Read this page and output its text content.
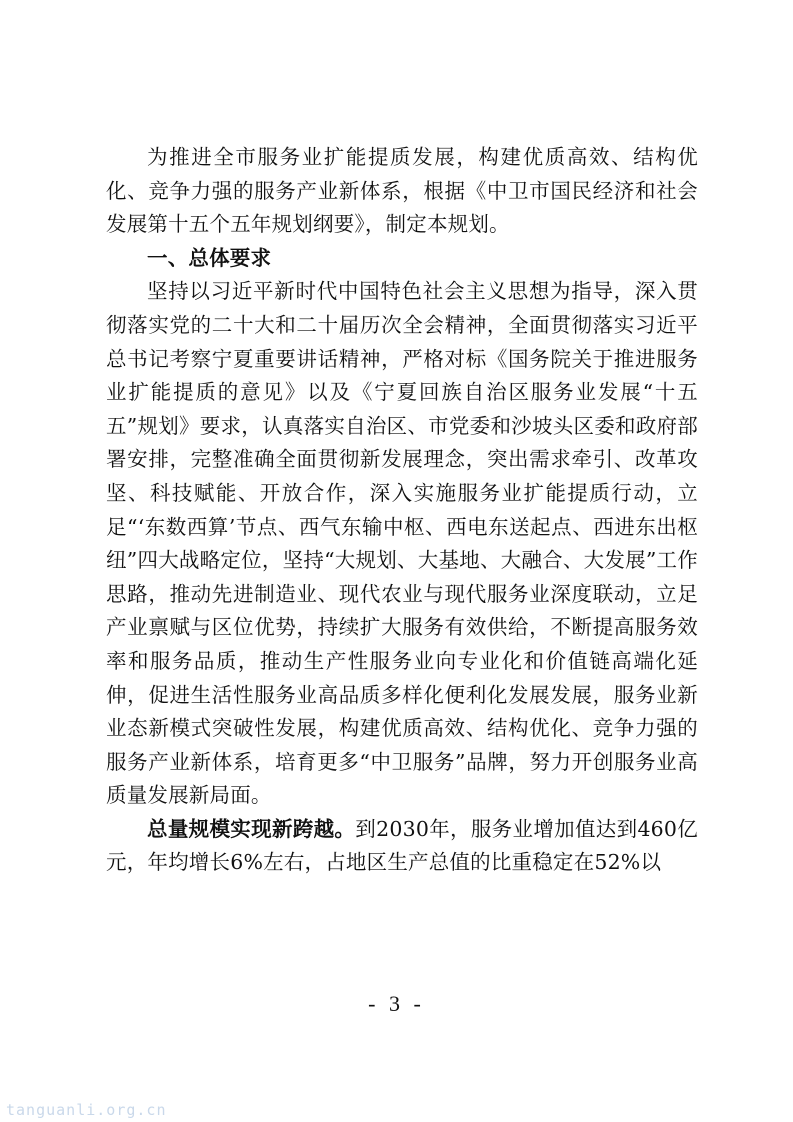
为推进全市服务业扩能提质发展，构建优质高效、结构优化、竞争力强的服务产业新体系，根据《中卫市国民经济和社会发展第十五个五年规划纲要》，制定本规划。

一、总体要求

坚持以习近平新时代中国特色社会主义思想为指导，深入贯彻落实党的二十大和二十届历次全会精神，全面贯彻落实习近平总书记考察宁夏重要讲话精神，严格对标《国务院关于推进服务业扩能提质的意见》以及《宁夏回族自治区服务业发展“十五五”规划》要求，认真落实自治区、市党委和沙坡头区委和政府部署安排，完整准确全面贯彻新发展理念，突出需求牵引、改革攻坚、科技赋能、开放合作，深入实施服务业扩能提质行动，立足“‘东数西算’节点、西气东输中枢、西电东送起点、西进东出枢纽”四大战略定位，坚持“大规划、大基地、大融合、大发展”工作思路，推动先进制造业、现代农业与现代服务业深度联动，立足产业禀赋与区位优势，持续扩大服务有效供给，不断提高服务效率和服务品质，推动生产性服务业向专业化和价值链高端化延伸，促进生活性服务业高品质多样化便利化发展发展，服务业新业态新模式突破性发展，构建优质高效、结构优化、竞争力强的服务产业新体系，培育更多“中卫服务”品牌，努力开创服务业高质量发展新局面。

总量规模实现新跨越。到2030年，服务业增加值达到460亿元，年均增长6%左右，占地区生产总值的比重稳定在52%以

- 3 -
tanguanli.org.cn
